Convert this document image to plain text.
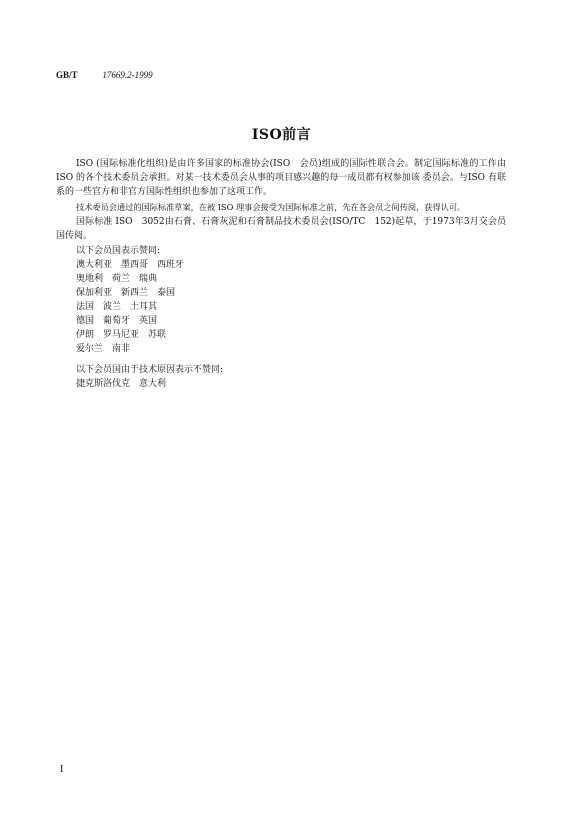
GB/T	17669.2-1999
ISO前言

ISO (国际标准化组织)是由许多国家的标准协会(ISO　会员)组成的国际性联合会。制定国际标准的工作由 ISO 的各个技术委员会承担。对某一技术委员会从事的项目感兴趣的每一成员都有权参加该 委员会。与ISO 有联系的一些官方和非官方国际性组织也参加了这项工作。

技术委员会通过的国际标准草案，在被 ISO 理事会接受为国际标准之前，先在各会员之间传阅，获得认可。

国际标准 ISO　3052由石膏、石膏灰泥和石膏制品技术委员会(ISO/TC　152)起草，于1973年3月交会员国传阅。

以下会员国表示赞同:

澳大利亚　墨西哥　西班牙

奥地利　荷兰　瑞典

保加利亚　新西兰　泰国

法国　波兰　土耳其

德国　葡萄牙　英国

伊朗　罗马尼亚　苏联

爱尔兰　南非

以下会员国由于技术原因表示不赞同:

捷克斯洛伐克　意大利

I
